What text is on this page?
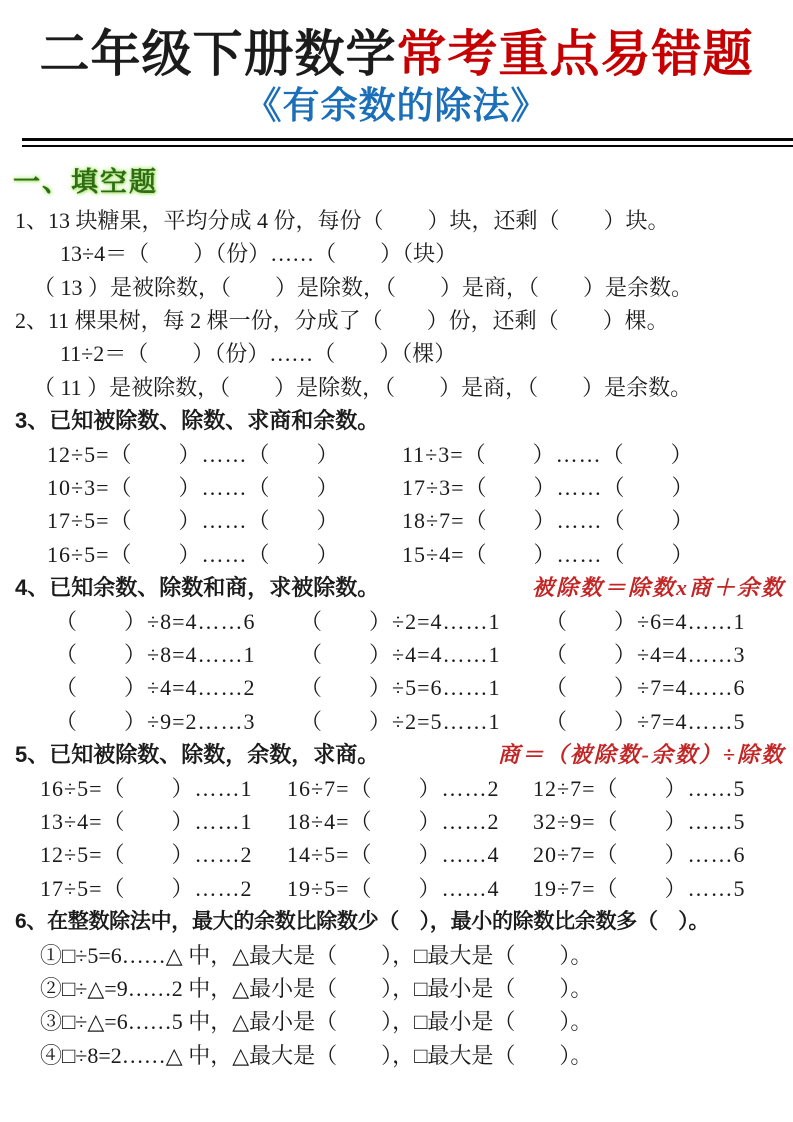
二年级下册数学常考重点易错题
《有余数的除法》
一、填空题
1、13 块糖果，平均分成 4 份，每份（　　）块，还剩（　　）块。
13÷4＝（　　）（份）……（　　）（块）
（ 13 ）是被除数，（　　）是除数，（　　）是商，（　　）是余数。
2、11 棵果树，每 2 棵一份，分成了（　　）份，还剩（　　）棵。
11÷2＝（　　）（份）……（　　）（棵）
（ 11 ）是被除数，（　　）是除数，（　　）是商，（　　）是余数。
3、已知被除数、除数、求商和余数。
12÷5=（　　）……（　　）	11÷3=（　　）……（　　）
10÷3=（　　）……（　　）	17÷3=（　　）……（　　）
17÷5=（　　）……（　　）	18÷7=（　　）……（　　）
16÷5=（　　）……（　　）	15÷4=（　　）……（　　）
4、已知余数、除数和商，求被除数。	被除数＝除数x商＋余数
（　　）÷8=4……6	（　　）÷2=4……1	（　　）÷6=4……1
（　　）÷8=4……1	（　　）÷4=4……1	（　　）÷4=4……3
（　　）÷4=4……2	（　　）÷5=6……1	（　　）÷7=4……6
（　　）÷9=2……3	（　　）÷2=5……1	（　　）÷7=4……5
5、已知被除数、除数，余数，求商。	商＝（被除数-余数）÷除数
16÷5=（　　）……1	16÷7=（　　）……2	12÷7=（　　）……5
13÷4=（　　）……1	18÷4=（　　）……2	32÷9=（　　）……5
12÷5=（　　）……2	14÷5=（　　）……4	20÷7=（　　）……6
17÷5=（　　）……2	19÷5=（　　）……4	19÷7=（　　）……5
6、在整数除法中，最大的余数比除数少（　），最小的除数比余数多（　）。
①□÷5=6……△ 中，△最大是（　　），□最大是（　　）。
②□÷△=9……2 中，△最小是（　　），□最小是（　　）。
③□÷△=6……5 中，△最小是（　　），□最小是（　　）。
④□÷8=2……△ 中，△最大是（　　），□最大是（　　）。
